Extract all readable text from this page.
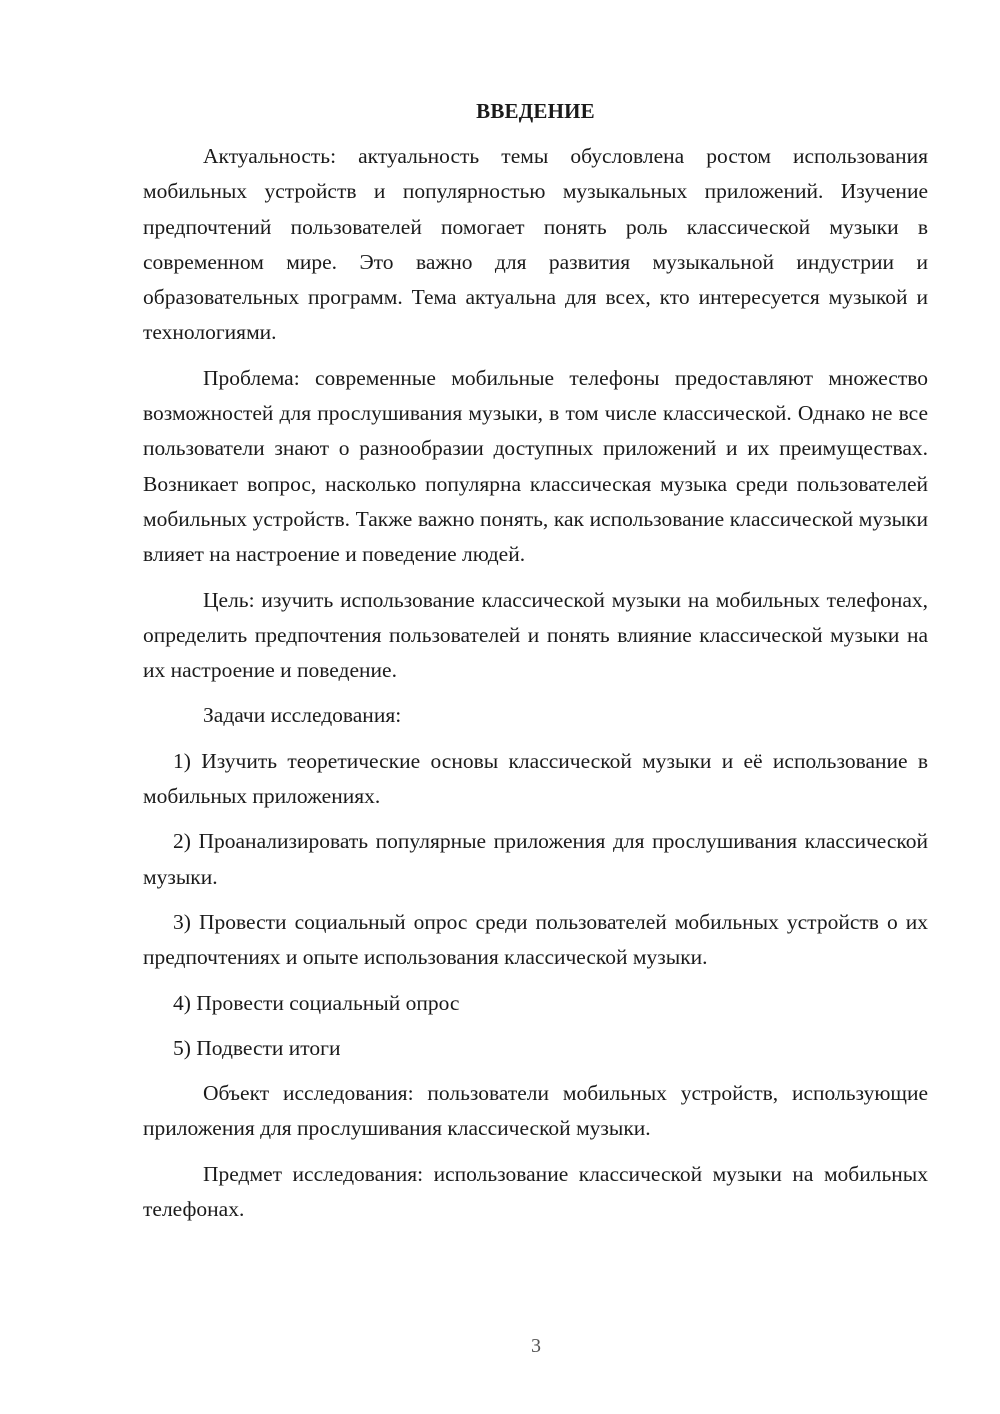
ВВЕДЕНИЕ

Актуальность: актуальность темы обусловлена ростом использования мобильных устройств и популярностью музыкальных приложений. Изучение предпочтений пользователей помогает понять роль классической музыки в современном мире. Это важно для развития музыкальной индустрии и образовательных программ. Тема актуальна для всех, кто интересуется музыкой и технологиями.

Проблема: современные мобильные телефоны предоставляют множество возможностей для прослушивания музыки, в том числе классической. Однако не все пользователи знают о разнообразии доступных приложений и их преимуществах. Возникает вопрос, насколько популярна классическая музыка среди пользователей мобильных устройств. Также важно понять, как использование классической музыки влияет на настроение и поведение людей.

Цель: изучить использование классической музыки на мобильных телефонах, определить предпочтения пользователей и понять влияние классической музыки на их настроение и поведение.

Задачи исследования:

1) Изучить теоретические основы классической музыки и её использование в мобильных приложениях.

2) Проанализировать популярные приложения для прослушивания классической музыки.

3) Провести социальный опрос среди пользователей мобильных устройств о их предпочтениях и опыте использования классической музыки.

4) Провести социальный опрос

5) Подвести итоги

Объект исследования: пользователи мобильных устройств, использующие приложения для прослушивания классической музыки.

Предмет исследования: использование классической музыки на мобильных телефонах.

3
